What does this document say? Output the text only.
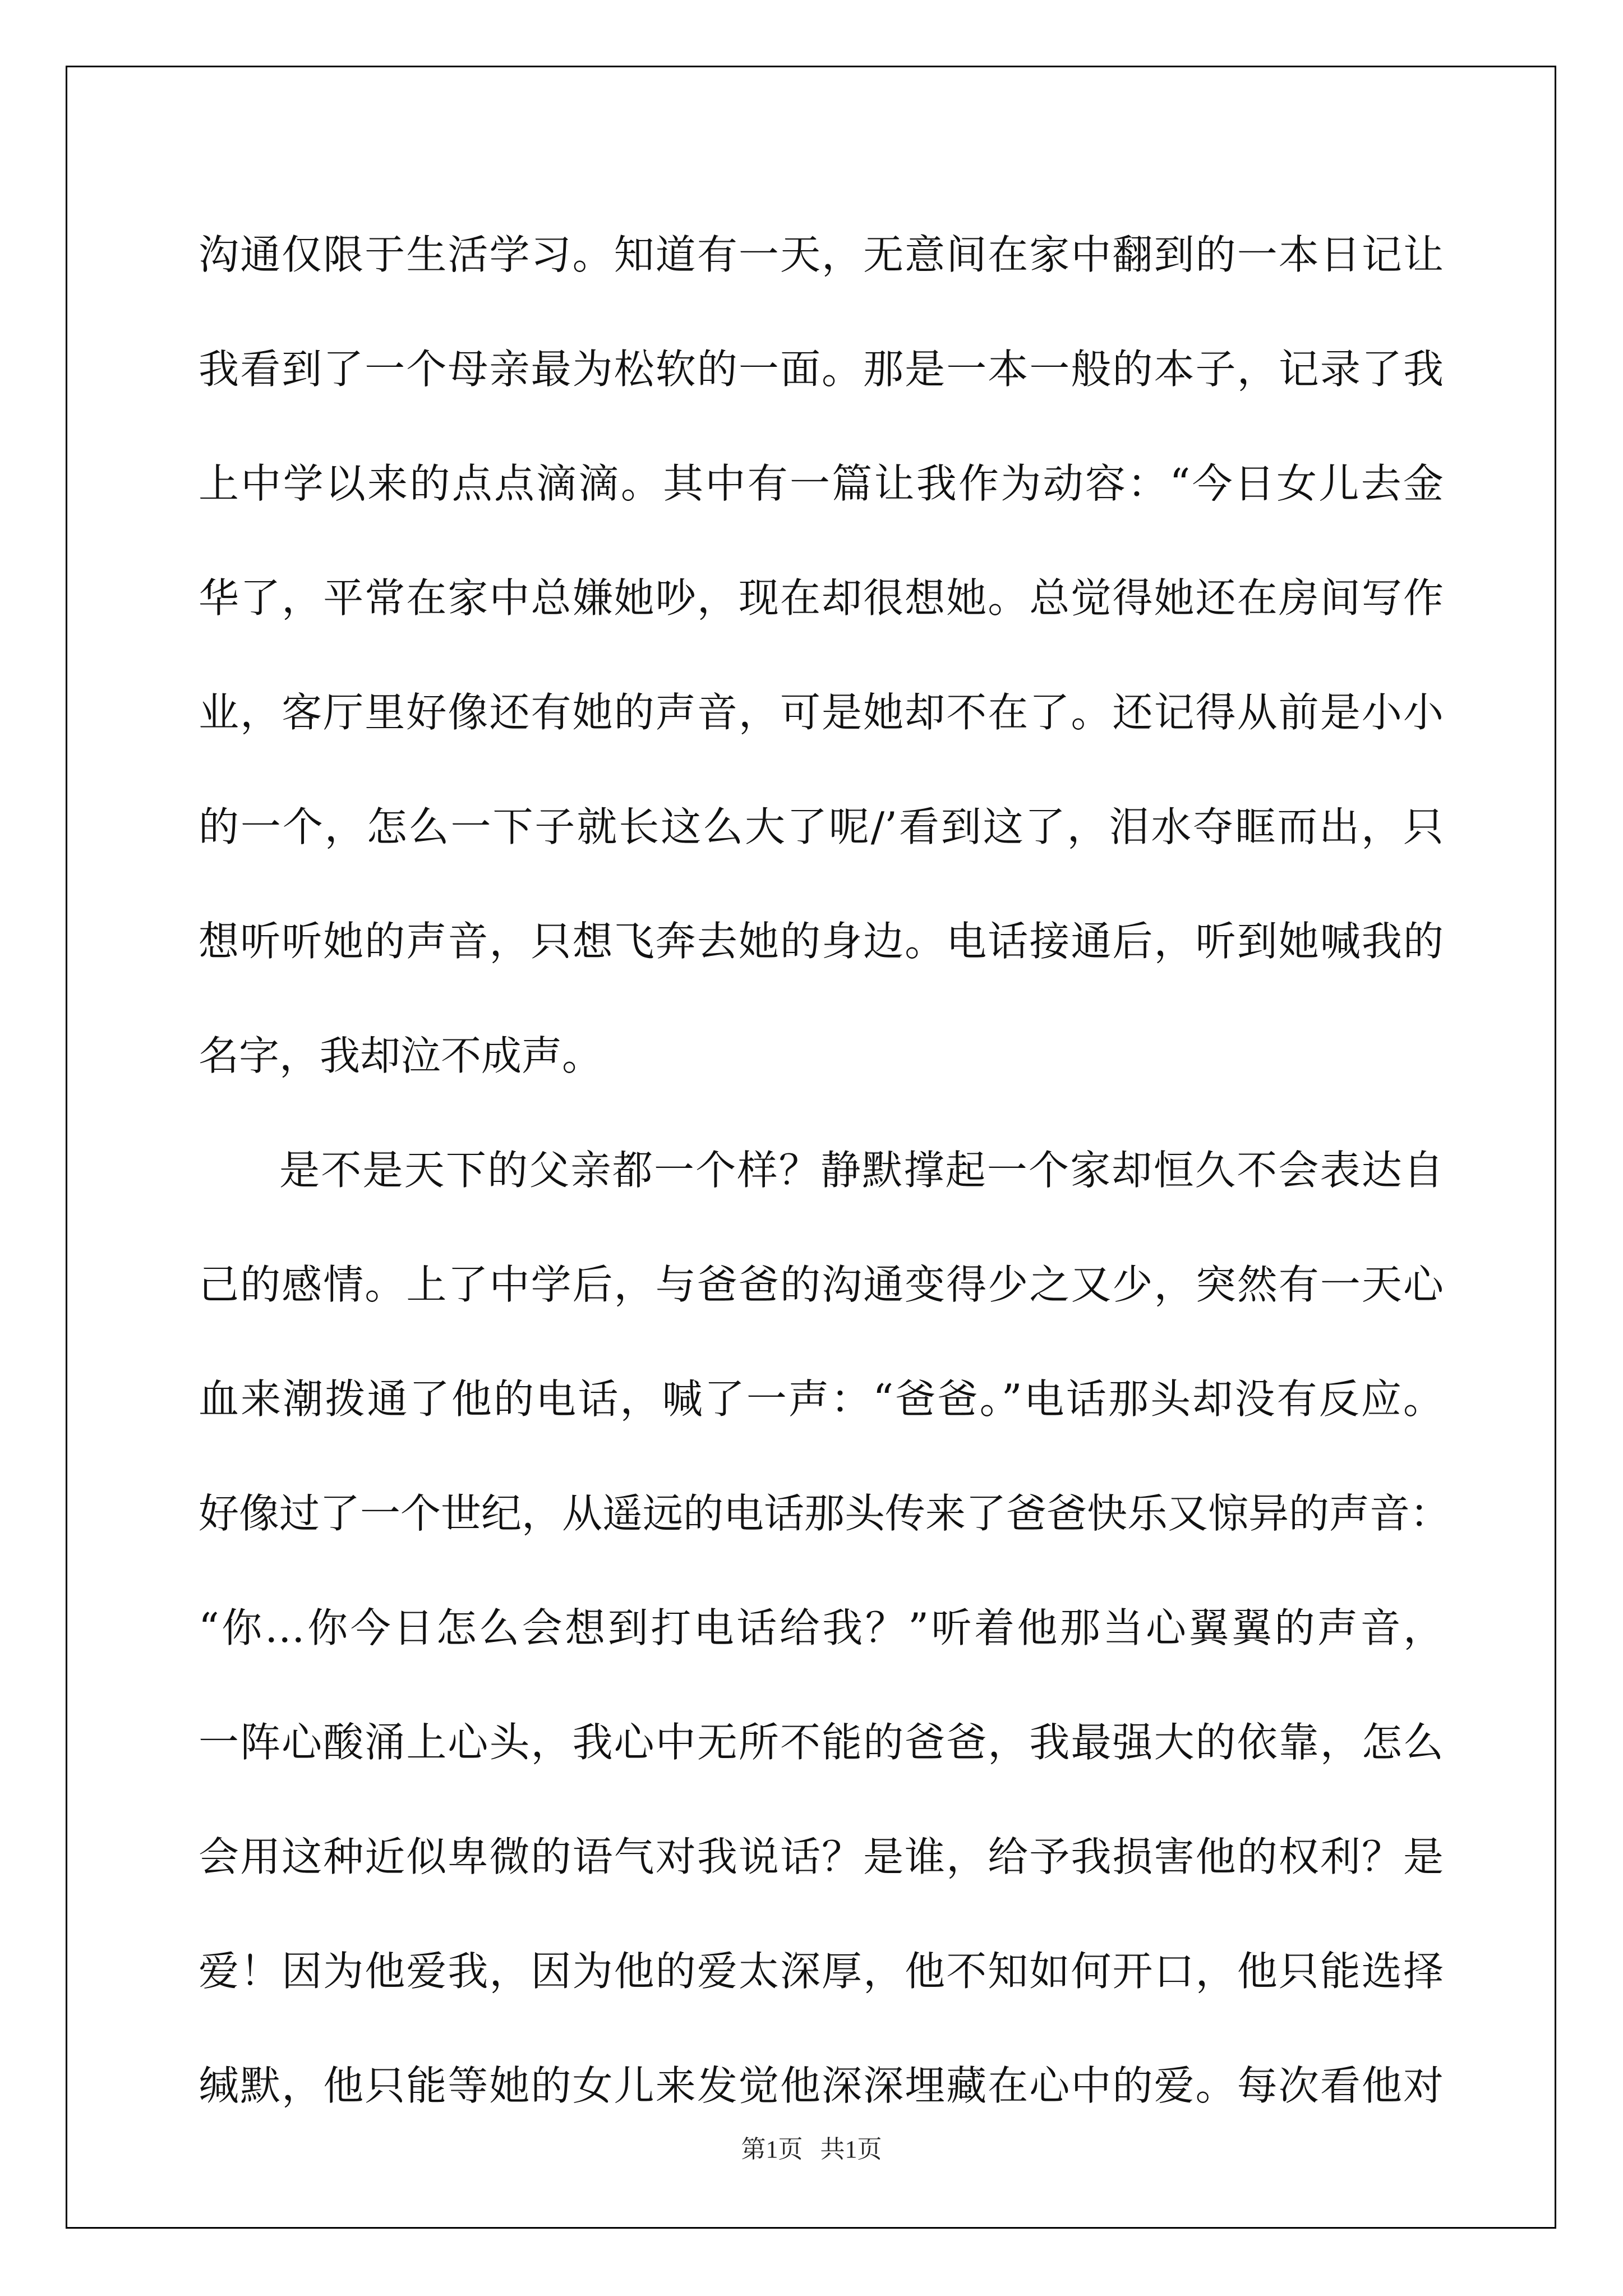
沟通仅限于生活学习。知道有一天，无意间在家中翻到的一本日记让
我看到了一个母亲最为松软的一面。那是一本一般的本子，记录了我
上中学以来的点点滴滴。其中有一篇让我作为动容：“今日女儿去金
华了，平常在家中总嫌她吵，现在却很想她。总觉得她还在房间写作
业，客厅里好像还有她的声音，可是她却不在了。还记得从前是小小
的一个，怎么一下子就长这么大了呢/’看到这了，泪水夺眶而出，只
想听听她的声音，只想飞奔去她的身边。电话接通后，听到她喊我的
名字，我却泣不成声。
是不是天下的父亲都一个样？静默撑起一个家却恒久不会表达自
己的感情。上了中学后，与爸爸的沟通变得少之又少，突然有一天心
血来潮拨通了他的电话，喊了一声：“爸爸。”电话那头却没有反应。
好像过了一个世纪，从遥远的电话那头传来了爸爸快乐又惊异的声音：
“你…你今日怎么会想到打电话给我？”听着他那当心翼翼的声音，
一阵心酸涌上心头，我心中无所不能的爸爸，我最强大的依靠，怎么
会用这种近似卑微的语气对我说话？是谁，给予我损害他的权利？是
爱！因为他爱我，因为他的爱太深厚，他不知如何开口，他只能选择
缄默，他只能等她的女儿来发觉他深深埋藏在心中的爱。每次看他对
第1页 共1页
